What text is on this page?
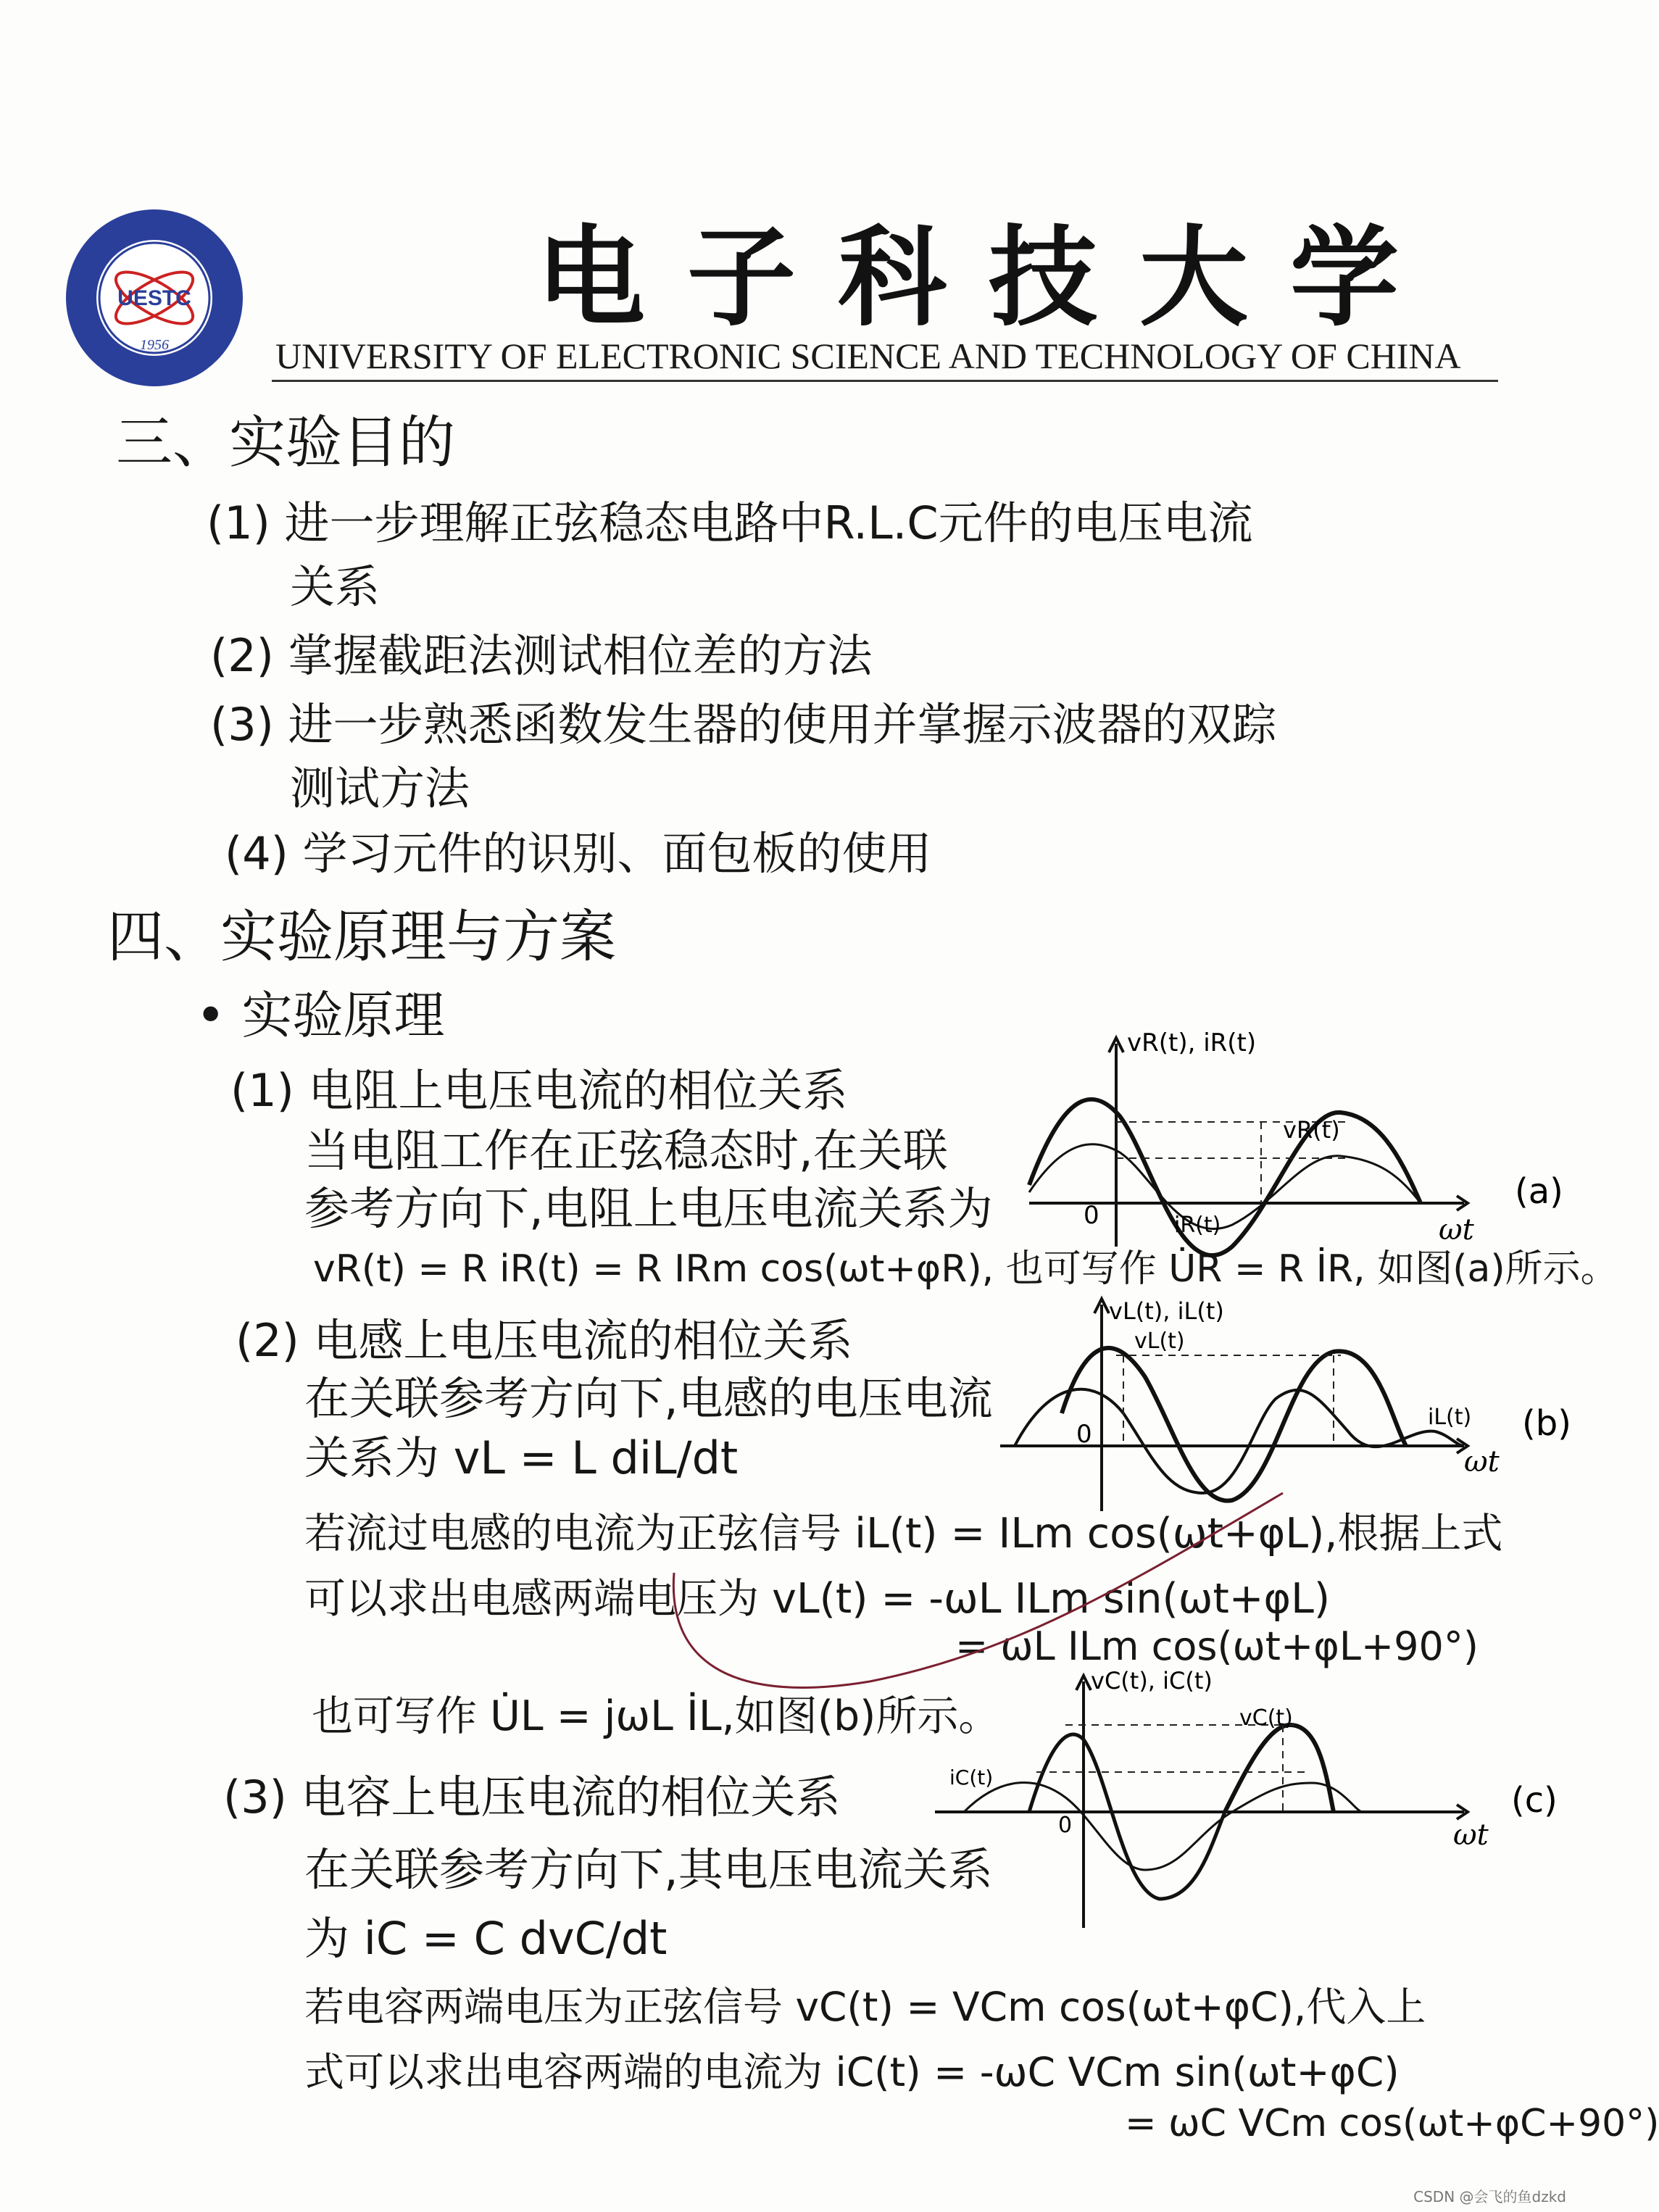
UESTC
1956
电子科技大学
UNIVERSITY OF ELECTRONIC SCIENCE AND TECHNOLOGY OF CHINA
三、实验目的
(1) 进一步理解正弦稳态电路中R.L.C元件的电压电流
关系
(2) 掌握截距法测试相位差的方法
(3) 进一步熟悉函数发生器的使用并掌握示波器的双踪
测试方法
(4) 学习元件的识别、面包板的使用
四、实验原理与方案
• 实验原理
(1) 电阻上电压电流的相位关系
当电阻工作在正弦稳态时,在关联
参考方向下,电阻上电压电流关系为
vR(t) = R iR(t) = R IRm cos(ωt+φR), 也可写作 U̇R = R İR, 如图(a)所示。
(2) 电感上电压电流的相位关系
在关联参考方向下,电感的电压电流
关系为 vL = L diL/dt
若流过电感的电流为正弦信号 iL(t) = ILm cos(ωt+φL),根据上式
可以求出电感两端电压为 vL(t) = -ωL ILm sin(ωt+φL)
= ωL ILm cos(ωt+φL+90°)
也可写作 U̇L = jωL İL,如图(b)所示。
(3) 电容上电压电流的相位关系
在关联参考方向下,其电压电流关系
为 iC = C dvC/dt
若电容两端电压为正弦信号 vC(t) = VCm cos(ωt+φC),代入上
式可以求出电容两端的电流为 iC(t) = -ωC VCm sin(ωt+φC)
= ωC VCm cos(ωt+φC+90°)
vR(t), iR(t)
vR(t)
iR(t)
0	ωt
(a)
vL(t), iL(t)
vL(t)
iL(t)
0
ωt
(b)
vC(t), iC(t)
vC(t)
iC(t)
0	ωt
(c)
CSDN @会飞的鱼dzkd
